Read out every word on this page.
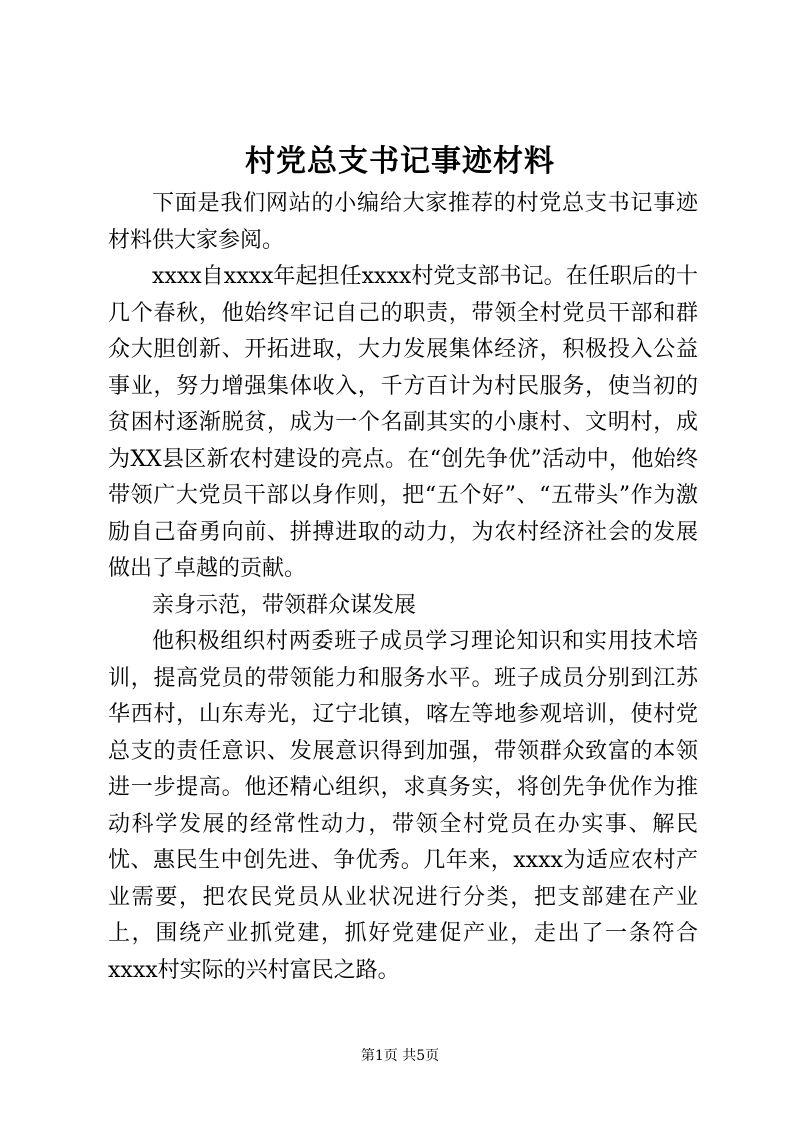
村党总支书记事迹材料

下面是我们网站的小编给大家推荐的村党总支书记事迹材料供大家参阅。

xxxx自xxxx年起担任xxxx村党支部书记。在任职后的十几个春秋，他始终牢记自己的职责，带领全村党员干部和群众大胆创新、开拓进取，大力发展集体经济，积极投入公益事业，努力增强集体收入，千方百计为村民服务，使当初的贫困村逐渐脱贫，成为一个名副其实的小康村、文明村，成为XX县区新农村建设的亮点。在“创先争优”活动中，他始终带领广大党员干部以身作则，把“五个好”、“五带头”作为激励自己奋勇向前、拼搏进取的动力，为农村经济社会的发展做出了卓越的贡献。

亲身示范，带领群众谋发展

他积极组织村两委班子成员学习理论知识和实用技术培训，提高党员的带领能力和服务水平。班子成员分别到江苏华西村，山东寿光，辽宁北镇，喀左等地参观培训，使村党总支的责任意识、发展意识得到加强，带领群众致富的本领进一步提高。他还精心组织，求真务实，将创先争优作为推动科学发展的经常性动力，带领全村党员在办实事、解民忧、惠民生中创先进、争优秀。几年来，xxxx为适应农村产业需要，把农民党员从业状况进行分类，把支部建在产业上，围绕产业抓党建，抓好党建促产业，走出了一条符合xxxx村实际的兴村富民之路。

第1页 共5页
